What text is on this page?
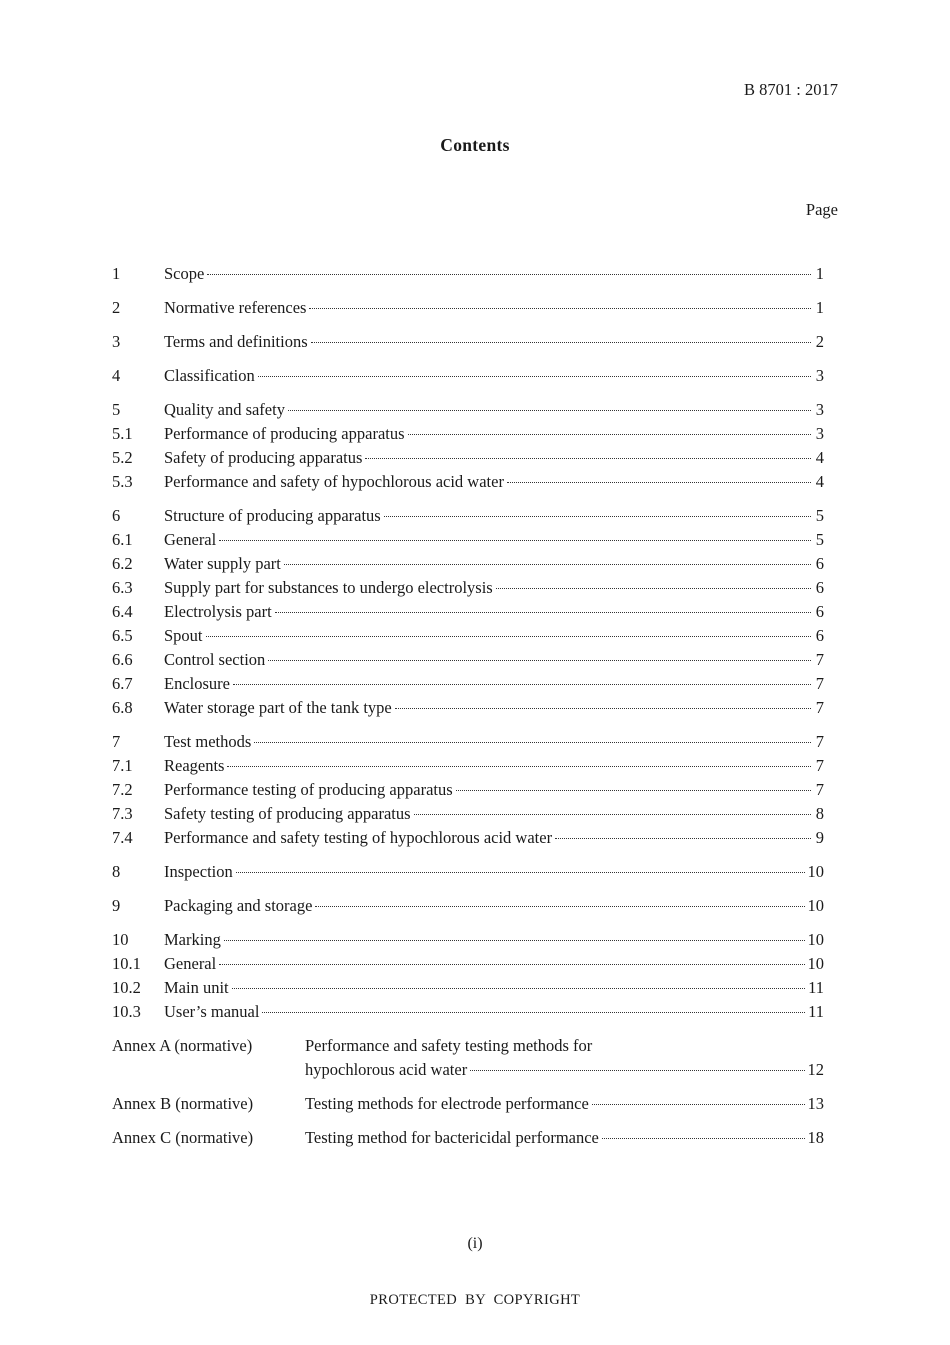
B 8701 : 2017
Contents
Page
1	Scope	1
2	Normative references	1
3	Terms and definitions	2
4	Classification	3
5	Quality and safety	3
5.1	Performance of producing apparatus	3
5.2	Safety of producing apparatus	4
5.3	Performance and safety of hypochlorous acid water	4
6	Structure of producing apparatus	5
6.1	General	5
6.2	Water supply part	6
6.3	Supply part for substances to undergo electrolysis	6
6.4	Electrolysis part	6
6.5	Spout	6
6.6	Control section	7
6.7	Enclosure	7
6.8	Water storage part of the tank type	7
7	Test methods	7
7.1	Reagents	7
7.2	Performance testing of producing apparatus	7
7.3	Safety testing of producing apparatus	8
7.4	Performance and safety testing of hypochlorous acid water	9
8	Inspection	10
9	Packaging and storage	10
10	Marking	10
10.1	General	10
10.2	Main unit	11
10.3	User’s manual	11
Annex A (normative)	Performance and safety testing methods for
hypochlorous acid water	12
Annex B (normative)	Testing methods for electrode performance	13
Annex C (normative)	Testing method for bactericidal performance	18
(i)
PROTECTED BY COPYRIGHT
